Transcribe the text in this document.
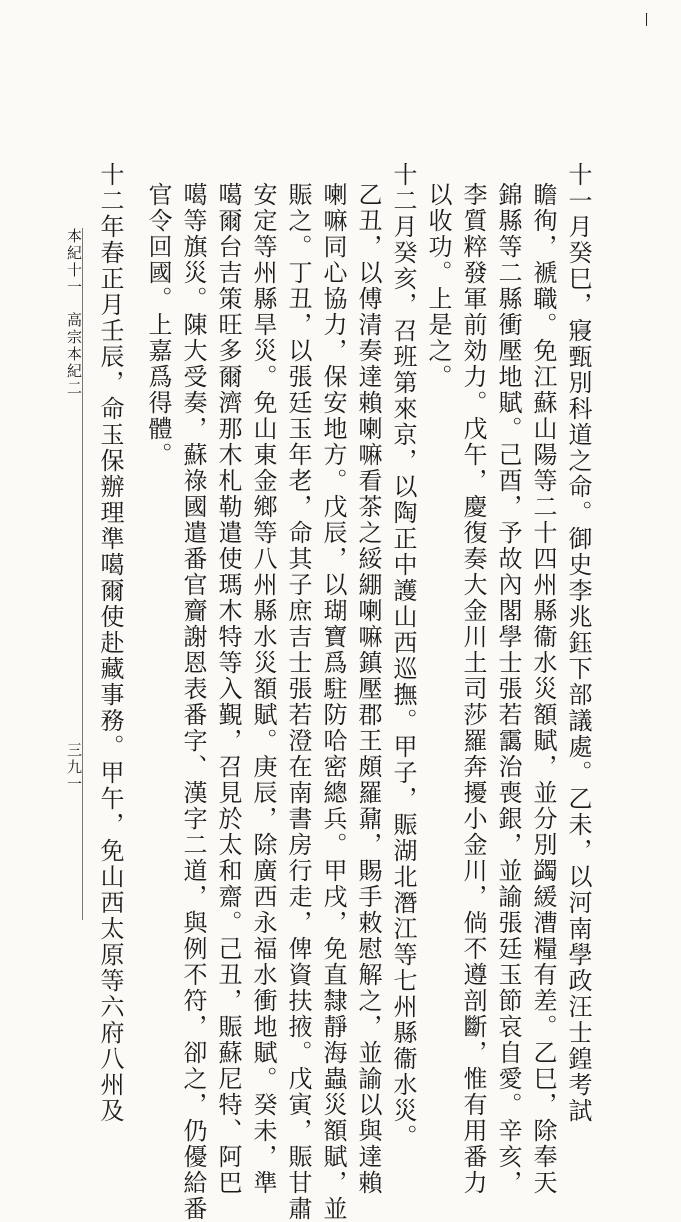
〡
十一月癸巳，寢甄別科道之命。御史李兆鈺下部議處。乙未，以河南學政汪士鍠考試
瞻徇，褫職。免江蘇山陽等二十四州縣衞水災額賦，並分別蠲緩漕糧有差。乙巳，除奉天
錦縣等二縣衝壓地賦。己酉，予故內閣學士張若靄治喪銀，並諭張廷玉節哀自愛。辛亥，
李質粹發軍前効力。戊午，慶復奏大金川土司莎羅奔擾小金川，倘不遵剖斷，惟有用番力
以收功。上是之。
十二月癸亥，召班第來京，以陶正中護山西巡撫。甲子，賑湖北潛江等七州縣衞水災。
乙丑，以傅清奏達賴喇嘛看茶之綏綳喇嘛鎮壓郡王頗羅鼐，賜手敕慰解之，並諭以與達賴
喇嘛同心協力，保安地方。戊辰，以瑚寶爲駐防哈密總兵。甲戌，免直隸靜海蟲災額賦，並
賑之。丁丑，以張廷玉年老，命其子庶吉士張若澄在南書房行走，俾資扶掖。戊寅，賑甘肅
安定等州縣旱災。免山東金鄉等八州縣水災額賦。庚辰，除廣西永福水衝地賦。癸未，準
噶爾台吉策旺多爾濟那木札勒遣使瑪木特等入覲，召見於太和齋。己丑，賑蘇尼特、阿巴
噶等旗災。陳大受奏，蘇祿國遣番官齎謝恩表番字、漢字二道，與例不符，卻之，仍優給番
官令回國。上嘉爲得體。
十二年春正月壬辰，命玉保辦理準噶爾使赴藏事務。甲午，免山西太原等六府八州及
本紀十一
高宗本紀二
三九一
